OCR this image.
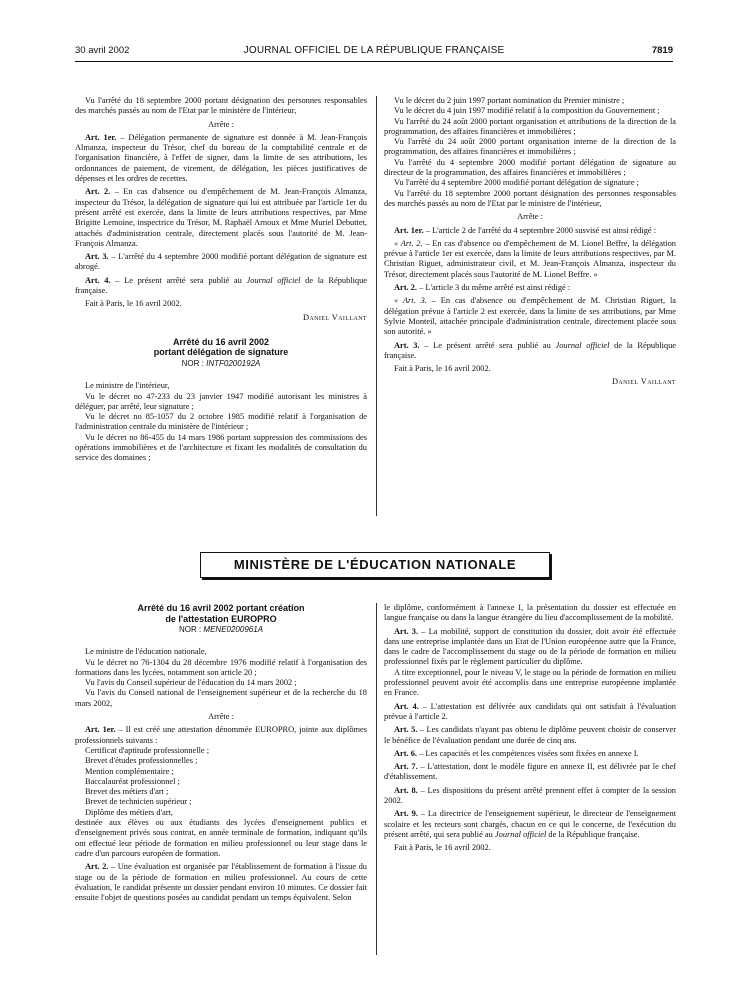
30 avril 2002	JOURNAL OFFICIEL DE LA RÉPUBLIQUE FRANÇAISE	7819

Vu l'arrêté du 18 septembre 2000 portant désignation des personnes responsables des marchés passés au nom de l'Etat par le ministère de l'intérieur,

Arrête :

Art. 1er. – Délégation permanente de signature est donnée à M. Jean-François Almanza, inspecteur du Trésor, chef du bureau de la comptabilité centrale et de l'organisation financière, à l'effet de signer, dans la limite de ses attributions, les ordonnances de paiement, de virement, de délégation, les pièces justificatives de dépenses et les ordres de recettes.

Art. 2. – En cas d'absence ou d'empêchement de M. Jean-François Almanza, inspecteur du Trésor, la délégation de signature qui lui est attribuée par l'article 1er du présent arrêté est exercée, dans la limite de leurs attributions respectives, par Mme Brigitte Lemoine, inspectrice du Trésor, M. Raphaël Arnoux et Mme Muriel Debuttet, attachés d'administration centrale, directement placés sous l'autorité de M. Jean-François Almanza.

Art. 3. – L'arrêté du 4 septembre 2000 modifié portant délégation de signature est abrogé.

Art. 4. – Le présent arrêté sera publié au Journal officiel de la République française.

Fait à Paris, le 16 avril 2002.

Daniel Vaillant

Arrêté du 16 avril 2002
portant délégation de signature
NOR : INTF0200192A

Le ministre de l'intérieur,

Vu le décret no 47-233 du 23 janvier 1947 modifié autorisant les ministres à déléguer, par arrêté, leur signature ;

Vu le décret no 85-1057 du 2 octobre 1985 modifié relatif à l'organisation de l'administration centrale du ministère de l'intérieur ;

Vu le décret no 86-455 du 14 mars 1986 portant suppression des commissions des opérations immobilières et de l'architecture et fixant les modalités de consultation du service des domaines ;

Vu le décret du 2 juin 1997 portant nomination du Premier ministre ;

Vu le décret du 4 juin 1997 modifié relatif à la composition du Gouvernement ;

Vu l'arrêté du 24 août 2000 portant organisation et attributions de la direction de la programmation, des affaires financières et immobilières ;

Vu l'arrêté du 24 août 2000 portant organisation interne de la direction de la programmation, des affaires financières et immobilières ;

Vu l'arrêté du 4 septembre 2000 modifié portant délégation de signature au directeur de la programmation, des affaires financières et immobilières ;

Vu l'arrêté du 4 septembre 2000 modifié portant délégation de signature ;

Vu l'arrêté du 18 septembre 2000 portant désignation des personnes responsables des marchés passés au nom de l'Etat par le ministre de l'intérieur,

Arrête :

Art. 1er. – L'article 2 de l'arrêté du 4 septembre 2000 susvisé est ainsi rédigé :

« Art. 2. – En cas d'absence ou d'empêchement de M. Lionel Beffre, la délégation prévue à l'article 1er est exercée, dans la limite de leurs attributions respectives, par M. Christian Riguet, administrateur civil, et M. Jean-François Almanza, inspecteur du Trésor, directement placés sous l'autorité de M. Lionel Beffre. »

Art. 2. – L'article 3 du même arrêté est ainsi rédigé :

« Art. 3. – En cas d'absence ou d'empêchement de M. Christian Riguet, la délégation prévue à l'article 2 est exercée, dans la limite de ses attributions, par Mme Sylvie Monteil, attachée principale d'administration centrale, directement placée sous son autorité. »

Art. 3. – Le présent arrêté sera publié au Journal officiel de la République française.

Fait à Paris, le 16 avril 2002.

Daniel Vaillant

MINISTÈRE DE L'ÉDUCATION NATIONALE
Arrêté du 16 avril 2002 portant création
de l'attestation EUROPRO
NOR : MENE0200961A

Le ministre de l'éducation nationale,

Vu le décret no 76-1304 du 28 décembre 1976 modifié relatif à l'organisation des formations dans les lycées, notamment son article 20 ;

Vu l'avis du Conseil supérieur de l'éducation du 14 mars 2002 ;

Vu l'avis du Conseil national de l'enseignement supérieur et de la recherche du 18 mars 2002,

Arrête :

Art. 1er. – Il est créé une attestation dénommée EUROPRO, jointe aux diplômes professionnels suivants :

Certificat d'aptitude professionnelle ;

Brevet d'études professionnelles ;

Mention complémentaire ;

Baccalauréat professionnel ;

Brevet des métiers d'art ;

Brevet de technicien supérieur ;

Diplôme des métiers d'art,

destinée aux élèves ou aux étudiants des lycées d'enseignement publics et d'enseignement privés sous contrat, en année terminale de formation, indiquant qu'ils ont effectué leur période de formation en milieu professionnel ou leur stage dans le cadre d'un parcours européen de formation.

Art. 2. – Une évaluation est organisée par l'établissement de formation à l'issue du stage ou de la période de formation en milieu professionnel. Au cours de cette évaluation, le candidat présente un dossier pendant environ 10 minutes. Ce dossier fait ensuite l'objet de questions posées au candidat pendant un temps équivalent. Selon

le diplôme, conformément à l'annexe I, la présentation du dossier est effectuée en langue française ou dans la langue étrangère du lieu d'accomplissement de la mobilité.

Art. 3. – La mobilité, support de constitution du dossier, doit avoir été effectuée dans une entreprise implantée dans un Etat de l'Union européenne autre que la France, dans le cadre de l'accomplissement du stage ou de la période de formation en milieu professionnel fixés par le règlement particulier du diplôme.

A titre exceptionnel, pour le niveau V, le stage ou la période de formation en milieu professionnel peuvent avoir été accomplis dans une entreprise européenne implantée en France.

Art. 4. – L'attestation est délivrée aux candidats qui ont satisfait à l'évaluation prévue à l'article 2.

Art. 5. – Les candidats n'ayant pas obtenu le diplôme peuvent choisir de conserver le bénéfice de l'évaluation pendant une durée de cinq ans.

Art. 6. – Les capacités et les compétences visées sont fixées en annexe I.

Art. 7. – L'attestation, dont le modèle figure en annexe II, est délivrée par le chef d'établissement.

Art. 8. – Les dispositions du présent arrêté prennent effet à compter de la session 2002.

Art. 9. – La directrice de l'enseignement supérieur, le directeur de l'enseignement scolaire et les recteurs sont chargés, chacun en ce qui le concerne, de l'exécution du présent arrêté, qui sera publié au Journal officiel de la République française.

Fait à Paris, le 16 avril 2002.
